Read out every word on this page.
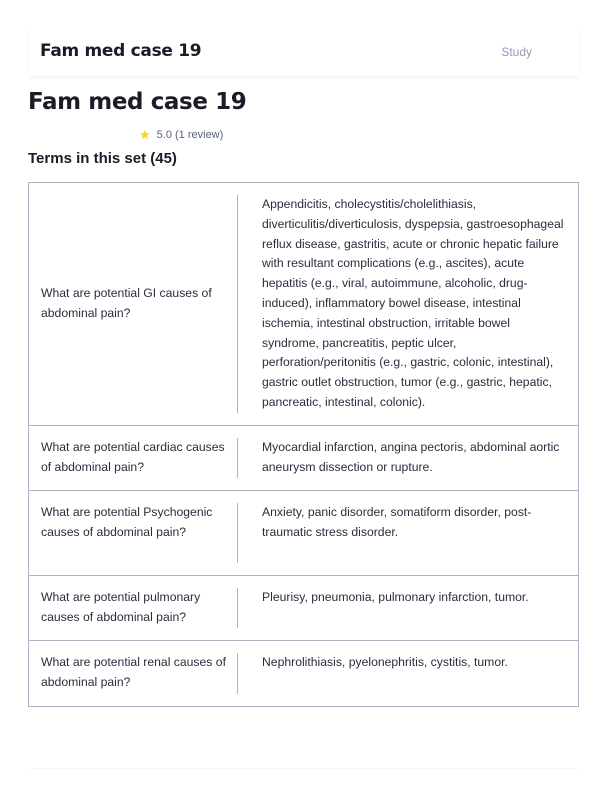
Fam med case 19	Study
Fam med case 19
★ 5.0 (1 review)
Terms in this set (45)
What are potential GI causes of abdominal pain?
Appendicitis, cholecystitis/cholelithiasis, diverticulitis/diverticulosis, dyspepsia, gastroesophageal reflux disease, gastritis, acute or chronic hepatic failure with resultant complications (e.g., ascites), acute hepatitis (e.g., viral, autoimmune, alcoholic, drug-induced), inflammatory bowel disease, intestinal ischemia, intestinal obstruction, irritable bowel syndrome, pancreatitis, peptic ulcer, perforation/peritonitis (e.g., gastric, colonic, intestinal), gastric outlet obstruction, tumor (e.g., gastric, hepatic, pancreatic, intestinal, colonic).
What are potential cardiac causes of abdominal pain?
Myocardial infarction, angina pectoris, abdominal aortic aneurysm dissection or rupture.
What are potential Psychogenic causes of abdominal pain?
Anxiety, panic disorder, somatiform disorder, post-traumatic stress disorder.
What are potential pulmonary causes of abdominal pain?
Pleurisy, pneumonia, pulmonary infarction, tumor.
What are potential renal causes of abdominal pain?
Nephrolithiasis, pyelonephritis, cystitis, tumor.
